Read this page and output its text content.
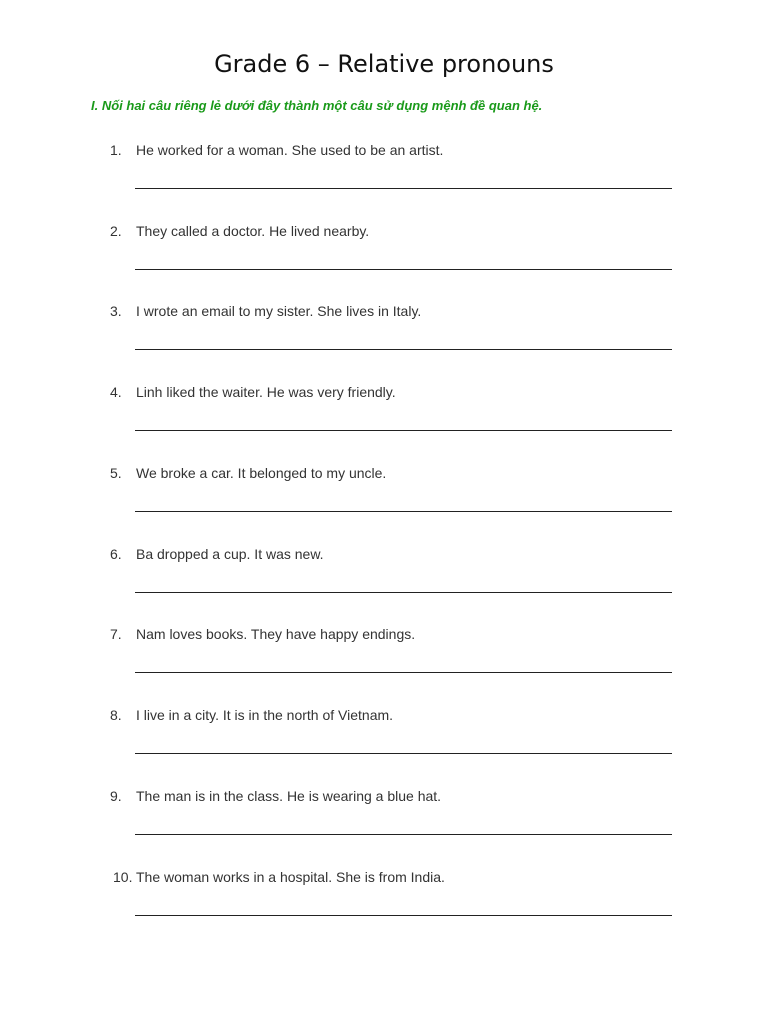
Grade 6 – Relative pronouns

I. Nối hai câu riêng lẻ dưới đây thành một câu sử dụng mệnh đề quan hệ.

1.	He worked for a woman. She used to be an artist.
2.	They called a doctor. He lived nearby.
3.	I wrote an email to my sister. She lives in Italy.
4.	Linh liked the waiter. He was very friendly.
5.	We broke a car. It belonged to my uncle.
6.	Ba dropped a cup. It was new.
7.	Nam loves books. They have happy endings.
8.	I live in a city. It is in the north of Vietnam.
9.	The man is in the class. He is wearing a blue hat.
10. The woman works in a hospital. She is from India.
